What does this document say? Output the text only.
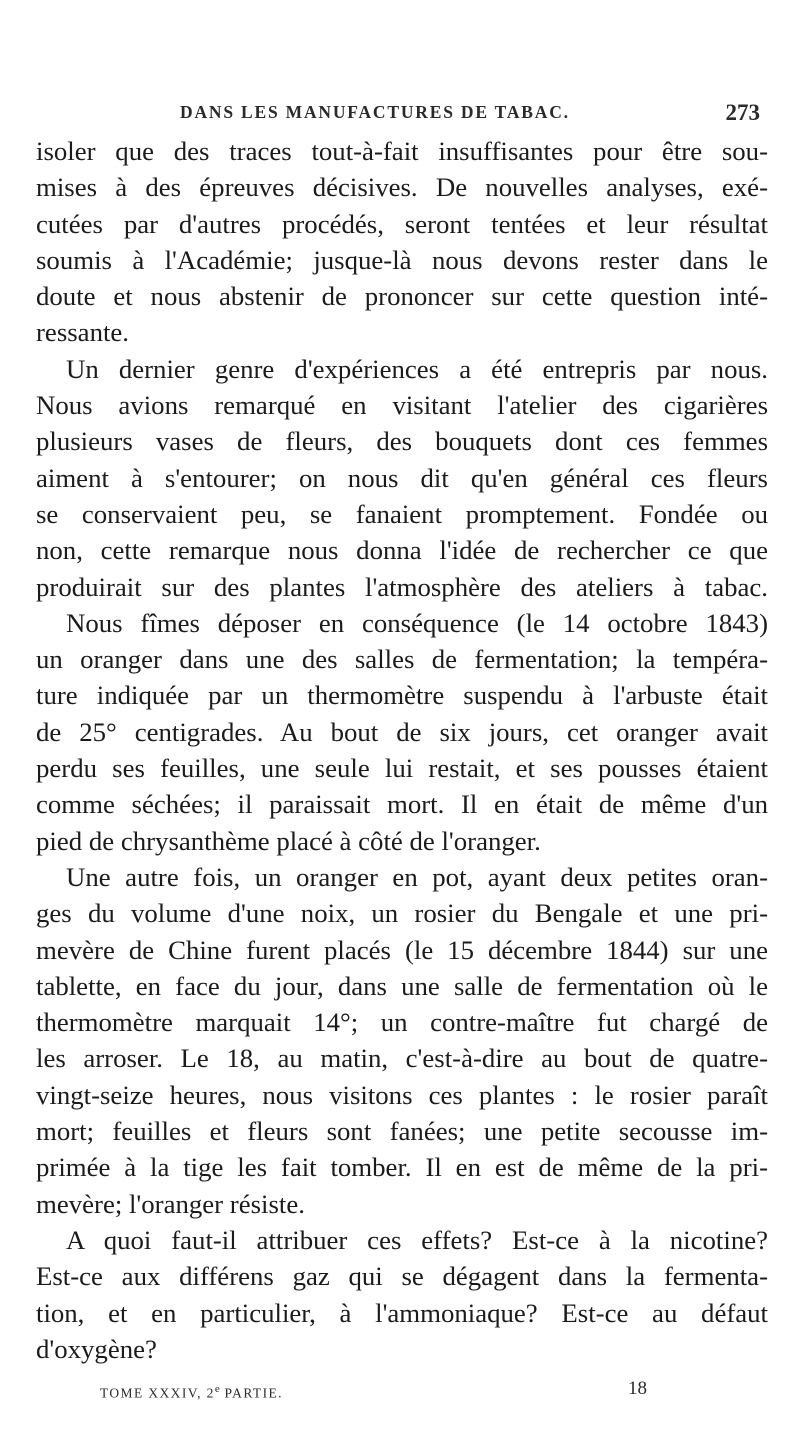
DANS LES MANUFACTURES DE TABAC.	273
isoler que des traces tout-à-fait insuffisantes pour être sou-
mises à des épreuves décisives. De nouvelles analyses, exé-
cutées par d'autres procédés, seront tentées et leur résultat
soumis à l'Académie; jusque-là nous devons rester dans le
doute et nous abstenir de prononcer sur cette question inté-
ressante.
Un dernier genre d'expériences a été entrepris par nous.
Nous avions remarqué en visitant l'atelier des cigarières
plusieurs vases de fleurs, des bouquets dont ces femmes
aiment à s'entourer; on nous dit qu'en général ces fleurs
se conservaient peu, se fanaient promptement. Fondée ou
non, cette remarque nous donna l'idée de rechercher ce que
produirait sur des plantes l'atmosphère des ateliers à tabac.
Nous fîmes déposer en conséquence (le 14 octobre 1843)
un oranger dans une des salles de fermentation; la tempéra-
ture indiquée par un thermomètre suspendu à l'arbuste était
de 25° centigrades. Au bout de six jours, cet oranger avait
perdu ses feuilles, une seule lui restait, et ses pousses étaient
comme séchées; il paraissait mort. Il en était de même d'un
pied de chrysanthème placé à côté de l'oranger.
Une autre fois, un oranger en pot, ayant deux petites oran-
ges du volume d'une noix, un rosier du Bengale et une pri-
mevère de Chine furent placés (le 15 décembre 1844) sur une
tablette, en face du jour, dans une salle de fermentation où le
thermomètre marquait 14°; un contre-maître fut chargé de
les arroser. Le 18, au matin, c'est-à-dire au bout de quatre-
vingt-seize heures, nous visitons ces plantes : le rosier paraît
mort; feuilles et fleurs sont fanées; une petite secousse im-
primée à la tige les fait tomber. Il en est de même de la pri-
mevère; l'oranger résiste.
A quoi faut-il attribuer ces effets? Est-ce à la nicotine?
Est-ce aux différens gaz qui se dégagent dans la fermenta-
tion, et en particulier, à l'ammoniaque? Est-ce au défaut
d'oxygène?
TOME XXXIV, 2e PARTIE.	18
